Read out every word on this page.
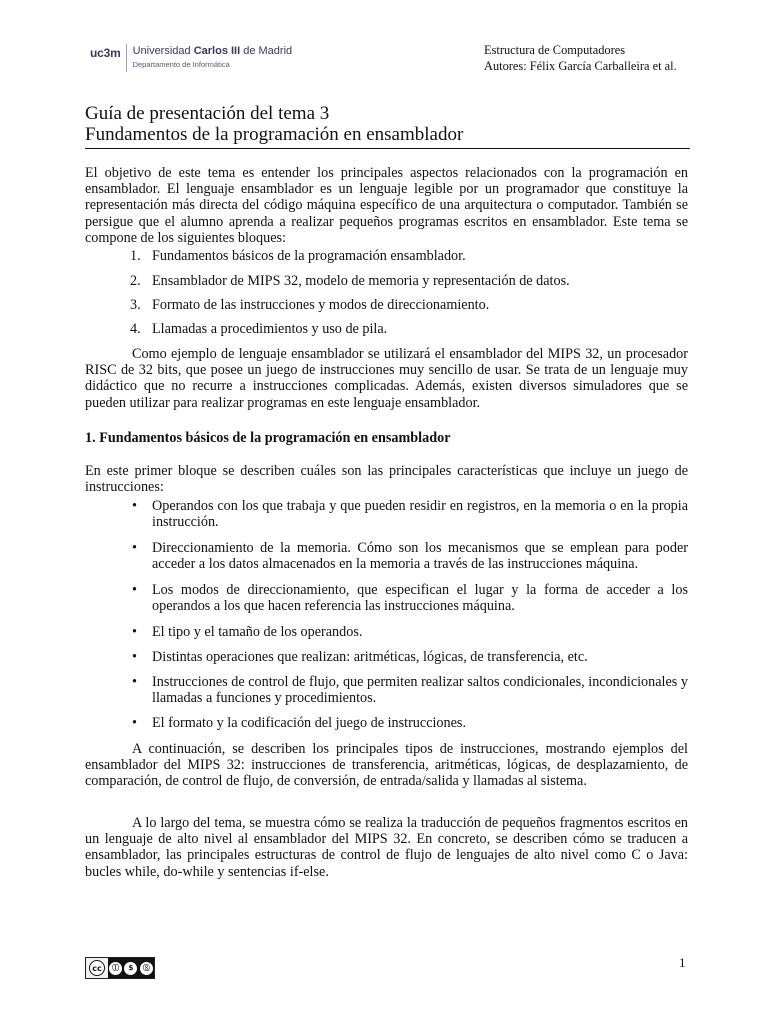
uc3m	Universidad Carlos III de Madrid
Departamento de Informática
Estructura de Computadores
Autores: Félix García Carballeira et al.
Guía de presentación del tema 3
Fundamentos de la programación en ensamblador
El objetivo de este tema es entender los principales aspectos relacionados con la programación en ensamblador. El lenguaje ensamblador es un lenguaje legible por un programador que constituye la representación más directa del código máquina específico de una arquitectura o computador. También se persigue que el alumno aprenda a realizar pequeños programas escritos en ensamblador. Este tema se compone de los siguientes bloques:
1. Fundamentos básicos de la programación ensamblador.
2. Ensamblador de MIPS 32, modelo de memoria y representación de datos.
3. Formato de las instrucciones y modos de direccionamiento.
4. Llamadas a procedimientos y uso de pila.
Como ejemplo de lenguaje ensamblador se utilizará el ensamblador del MIPS 32, un procesador RISC de 32 bits, que posee un juego de instrucciones muy sencillo de usar. Se trata de un lenguaje muy didáctico que no recurre a instrucciones complicadas. Además, existen diversos simuladores que se pueden utilizar para realizar programas en este lenguaje ensamblador.
1. Fundamentos básicos de la programación en ensamblador
En este primer bloque se describen cuáles son las principales características que incluye un juego de instrucciones:
• Operandos con los que trabaja y que pueden residir en registros, en la memoria o en la propia instrucción.
• Direccionamiento de la memoria. Cómo son los mecanismos que se emplean para poder acceder a los datos almacenados en la memoria a través de las instrucciones máquina.
• Los modos de direccionamiento, que especifican el lugar y la forma de acceder a los operandos a los que hacen referencia las instrucciones máquina.
• El tipo y el tamaño de los operandos.
• Distintas operaciones que realizan: aritméticas, lógicas, de transferencia, etc.
• Instrucciones de control de flujo, que permiten realizar saltos condicionales, incondicionales y llamadas a funciones y procedimientos.
• El formato y la codificación del juego de instrucciones.
A continuación, se describen los principales tipos de instrucciones, mostrando ejemplos del ensamblador del MIPS 32: instrucciones de transferencia, aritméticas, lógicas, de desplazamiento, de comparación, de control de flujo, de conversión, de entrada/salida y llamadas al sistema.
A lo largo del tema, se muestra cómo se realiza la traducción de pequeños fragmentos escritos en un lenguaje de alto nivel al ensamblador del MIPS 32. En concreto, se describen cómo se traducen a ensamblador, las principales estructuras de control de flujo de lenguajes de alto nivel como C o Java: bucles while, do-while y sentencias if-else.
cc	Ⓘ	$	Ⓢ	1
